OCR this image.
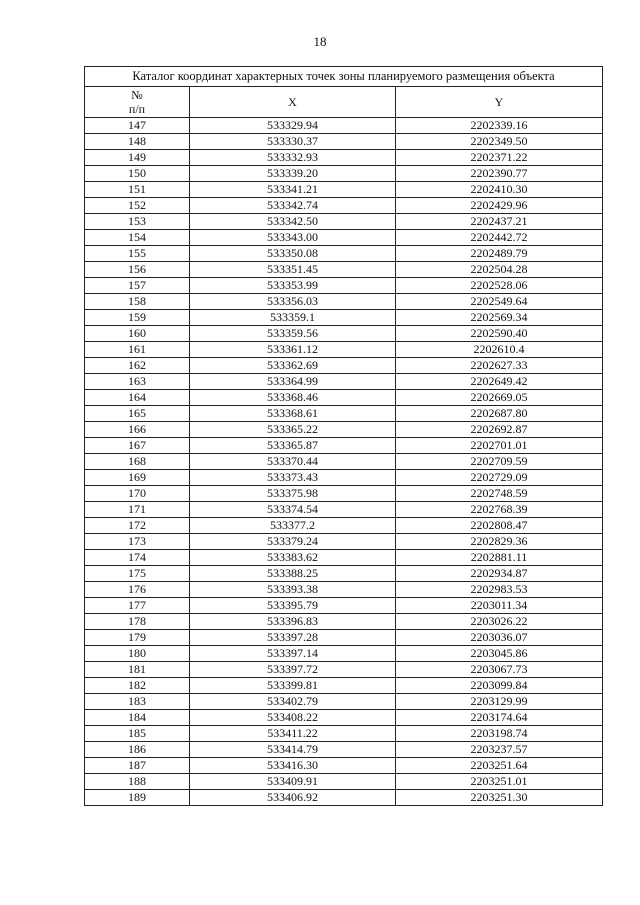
18
Каталог координат характерных точек зоны планируемого размещения объекта		
№
п/п	X	Y
147	533329.94	2202339.16
148	533330.37	2202349.50
149	533332.93	2202371.22
150	533339.20	2202390.77
151	533341.21	2202410.30
152	533342.74	2202429.96
153	533342.50	2202437.21
154	533343.00	2202442.72
155	533350.08	2202489.79
156	533351.45	2202504.28
157	533353.99	2202528.06
158	533356.03	2202549.64
159	533359.1	2202569.34
160	533359.56	2202590.40
161	533361.12	2202610.4
162	533362.69	2202627.33
163	533364.99	2202649.42
164	533368.46	2202669.05
165	533368.61	2202687.80
166	533365.22	2202692.87
167	533365.87	2202701.01
168	533370.44	2202709.59
169	533373.43	2202729.09
170	533375.98	2202748.59
171	533374.54	2202768.39
172	533377.2	2202808.47
173	533379.24	2202829.36
174	533383.62	2202881.11
175	533388.25	2202934.87
176	533393.38	2202983.53
177	533395.79	2203011.34
178	533396.83	2203026.22
179	533397.28	2203036.07
180	533397.14	2203045.86
181	533397.72	2203067.73
182	533399.81	2203099.84
183	533402.79	2203129.99
184	533408.22	2203174.64
185	533411.22	2203198.74
186	533414.79	2203237.57
187	533416.30	2203251.64
188	533409.91	2203251.01
189	533406.92	2203251.30
